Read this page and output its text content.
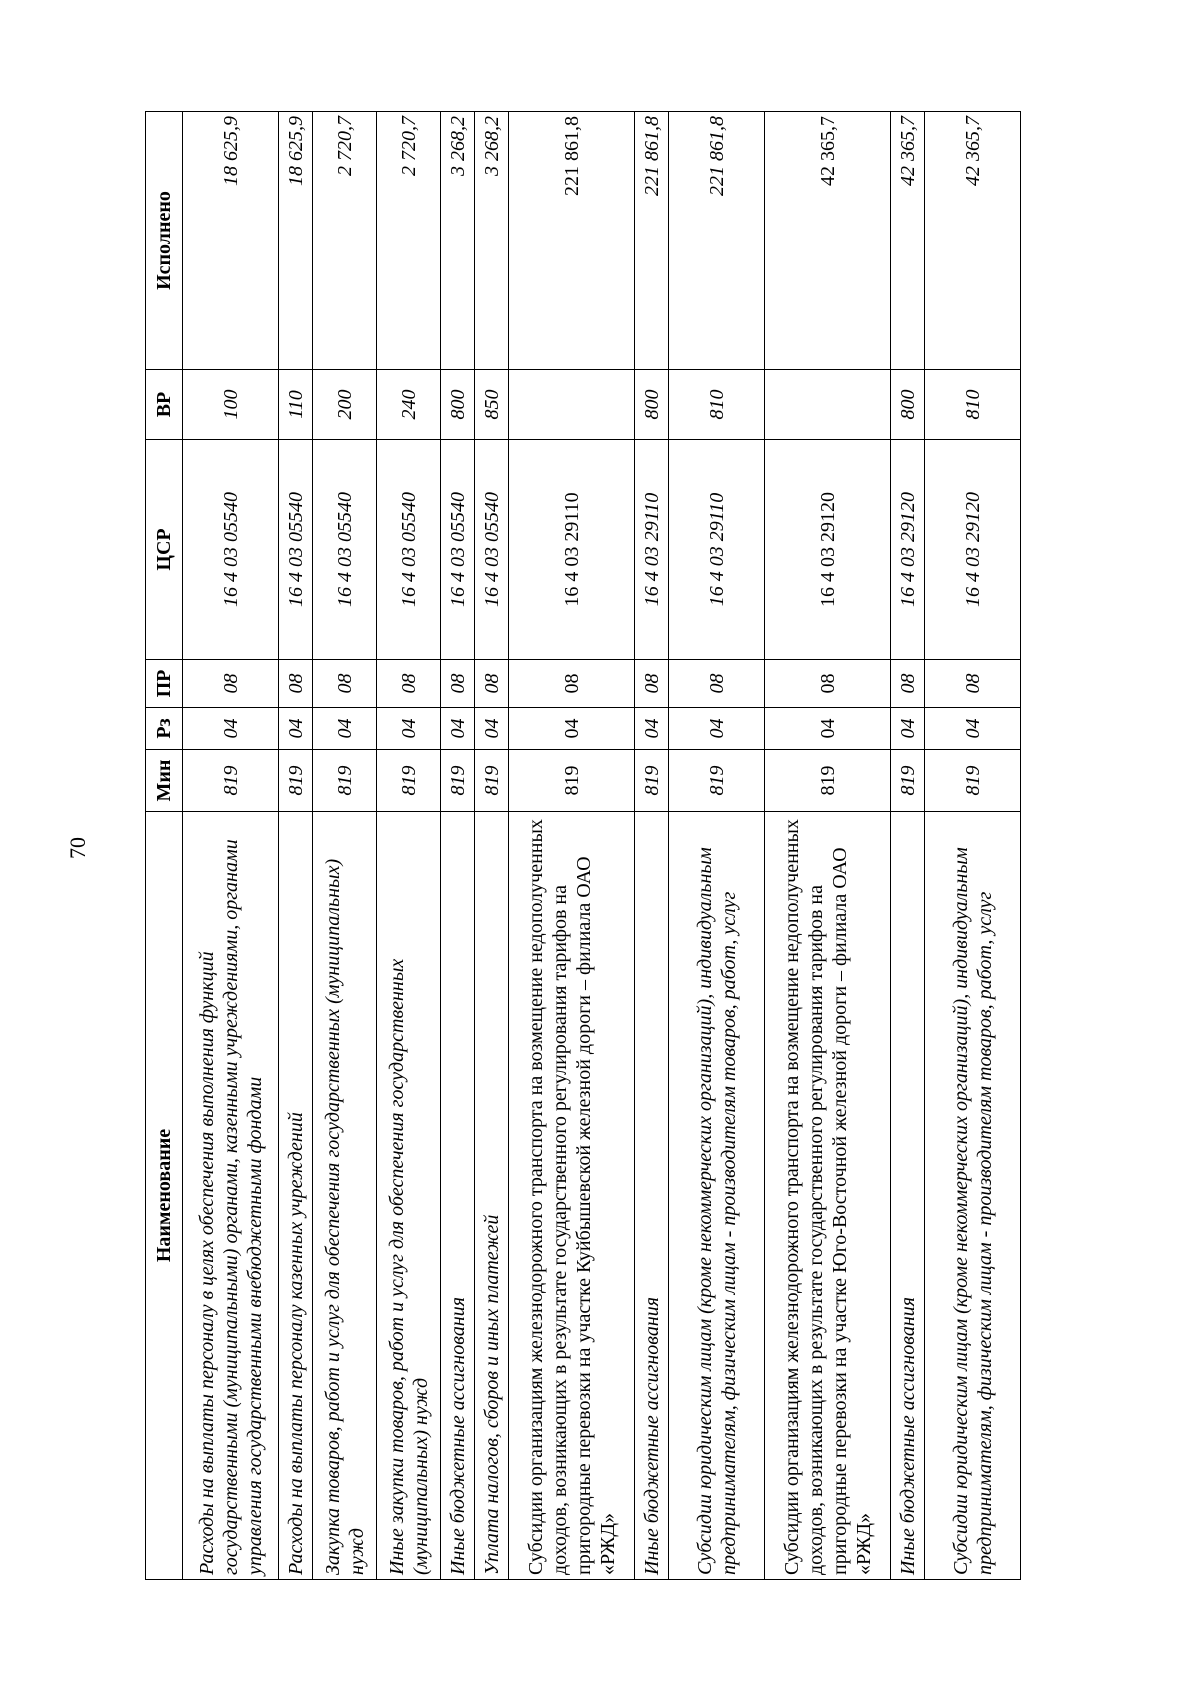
70
Наименование	Мин	Рз	ПР	ЦСР	ВР	Исполнено
Расходы на выплаты персоналу в целях обеспечения выполнения функций государственными (муниципальными) органами, казенными учреждениями, органами управления государственными внебюджетными фондами	819	04	08	16 4 03 05540	100	18 625,9
Расходы на выплаты персоналу казенных учреждений	819	04	08	16 4 03 05540	110	18 625,9
Закупка товаров, работ и услуг для обеспечения государственных (муниципальных) нужд	819	04	08	16 4 03 05540	200	2 720,7
Иные закупки товаров, работ и услуг для обеспечения государственных (муниципальных) нужд	819	04	08	16 4 03 05540	240	2 720,7
Иные бюджетные ассигнования	819	04	08	16 4 03 05540	800	3 268,2
Уплата налогов, сборов и иных платежей	819	04	08	16 4 03 05540	850	3 268,2
Субсидии организациям железнодорожного транспорта на возмещение недополученных доходов, возникающих в результате государственного регулирования тарифов на пригородные перевозки на участке Куйбышевской железной дороги – филиала ОАО «РЖД»	819	04	08	16 4 03 29110		221 861,8
Иные бюджетные ассигнования	819	04	08	16 4 03 29110	800	221 861,8
Субсидии юридическим лицам (кроме некоммерческих организаций), индивидуальным предпринимателям, физическим лицам - производителям товаров, работ, услуг	819	04	08	16 4 03 29110	810	221 861,8
Субсидии организациям железнодорожного транспорта на возмещение недополученных доходов, возникающих в результате государственного регулирования тарифов на пригородные перевозки на участке Юго-Восточной железной дороги – филиала ОАО «РЖД»	819	04	08	16 4 03 29120		42 365,7
Иные бюджетные ассигнования	819	04	08	16 4 03 29120	800	42 365,7
Субсидии юридическим лицам (кроме некоммерческих организаций), индивидуальным предпринимателям, физическим лицам - производителям товаров, работ, услуг	819	04	08	16 4 03 29120	810	42 365,7
